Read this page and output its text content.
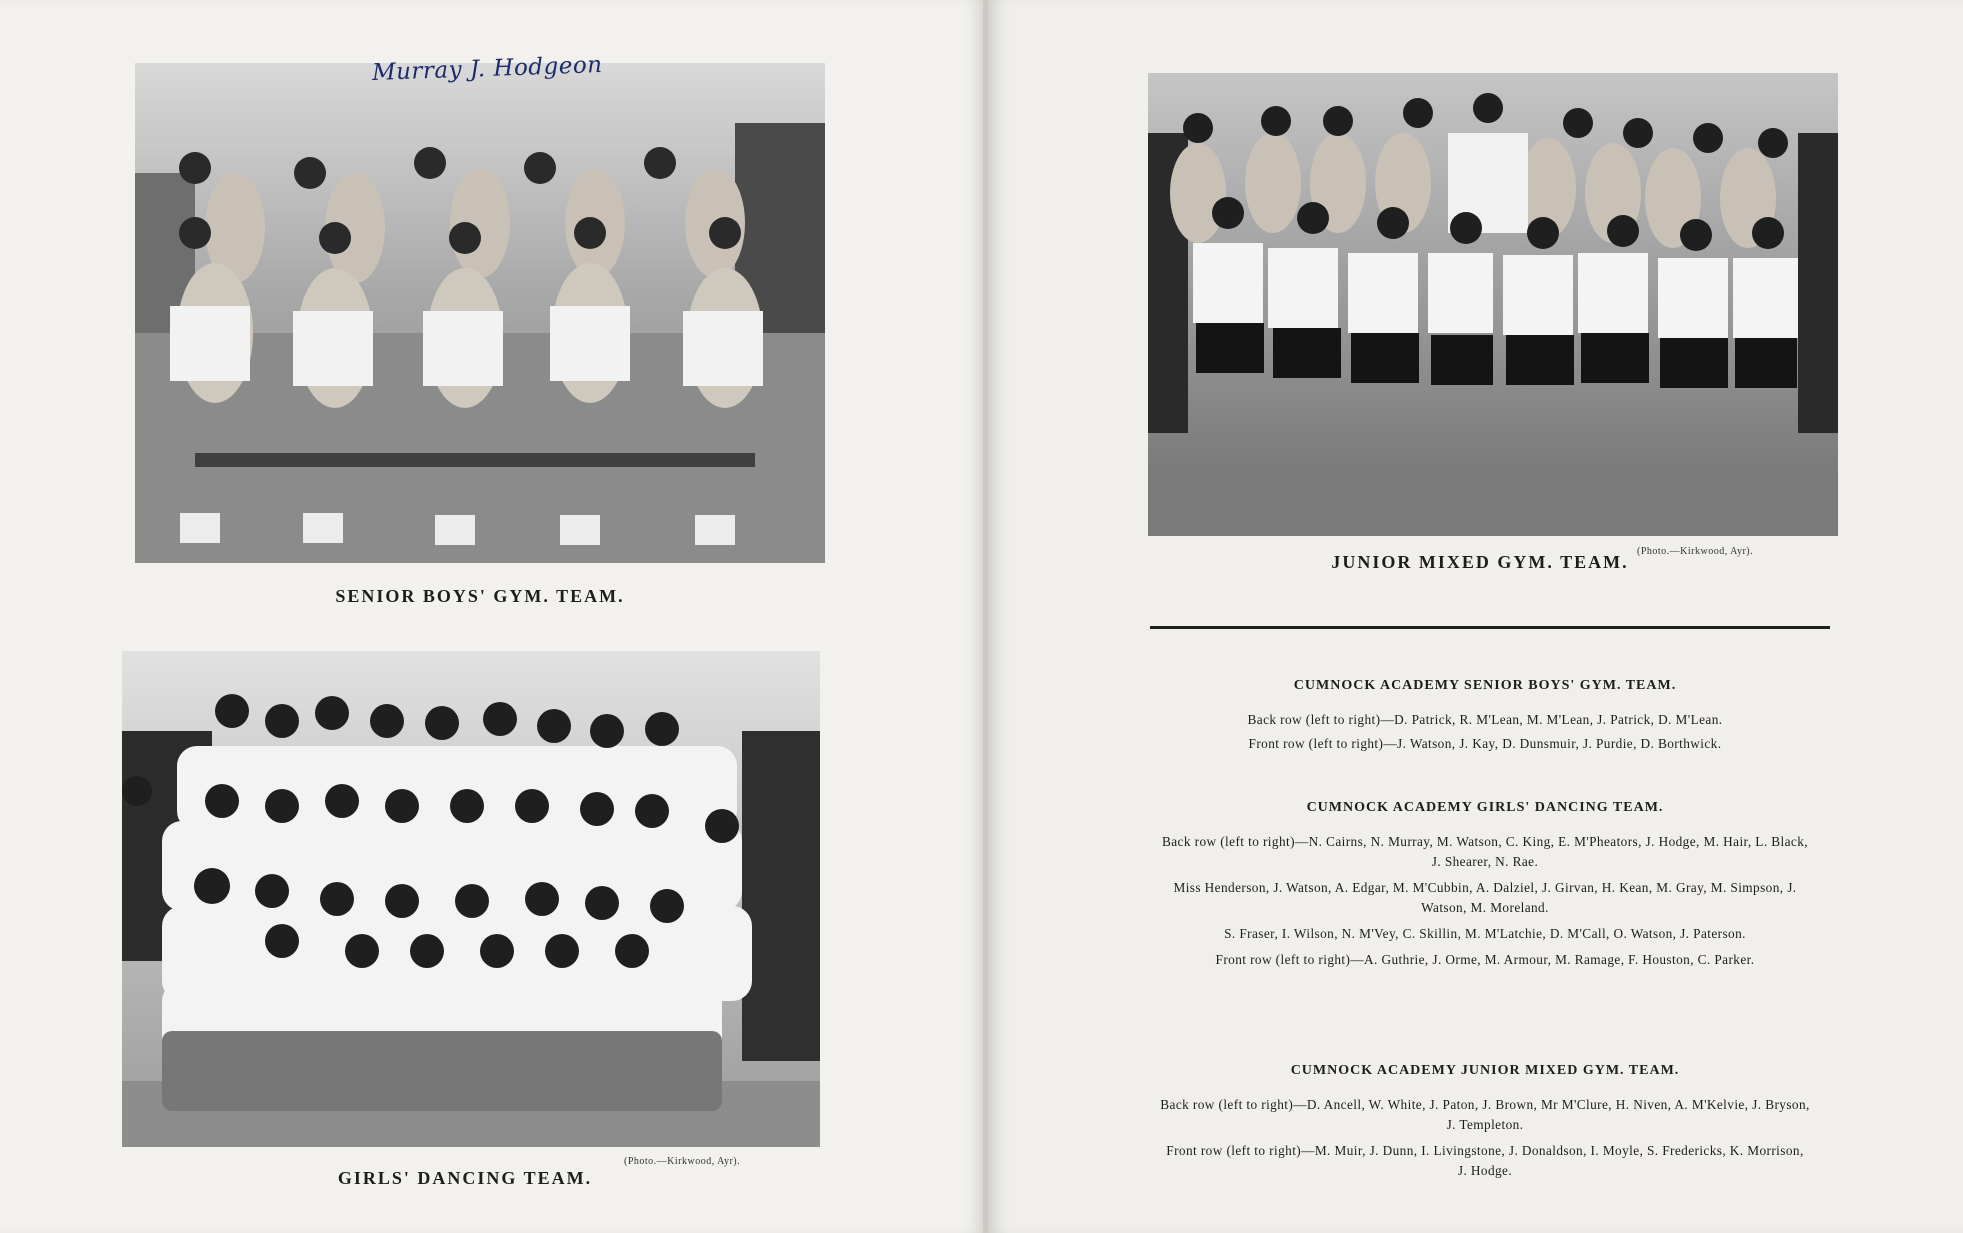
Murray J. Hodgeon
SENIOR BOYS' GYM. TEAM.
GIRLS' DANCING TEAM.
(Photo.—Kirkwood, Ayr).
JUNIOR MIXED GYM. TEAM.
(Photo.—Kirkwood, Ayr).
CUMNOCK ACADEMY SENIOR BOYS' GYM. TEAM.

Back row (left to right)—D. Patrick, R. M'Lean, M. M'Lean, J. Patrick, D. M'Lean.

Front row (left to right)—J. Watson, J. Kay, D. Dunsmuir, J. Purdie, D. Borthwick.

CUMNOCK ACADEMY GIRLS' DANCING TEAM.

Back row (left to right)—N. Cairns, N. Murray, M. Watson, C. King, E. M'Pheators, J. Hodge, M. Hair, L. Black, J. Shearer, N. Rae.

Miss Henderson, J. Watson, A. Edgar, M. M'Cubbin, A. Dalziel, J. Girvan, H. Kean, M. Gray, M. Simpson, J. Watson, M. Moreland.

S. Fraser, I. Wilson, N. M'Vey, C. Skillin, M. M'Latchie, D. M'Call, O. Watson, J. Paterson.

Front row (left to right)—A. Guthrie, J. Orme, M. Armour, M. Ramage, F. Houston, C. Parker.

CUMNOCK ACADEMY JUNIOR MIXED GYM. TEAM.

Back row (left to right)—D. Ancell, W. White, J. Paton, J. Brown, Mr M'Clure, H. Niven, A. M'Kelvie, J. Bryson, J. Templeton.

Front row (left to right)—M. Muir, J. Dunn, I. Livingstone, J. Donaldson, I. Moyle, S. Fredericks, K. Morrison, J. Hodge.
